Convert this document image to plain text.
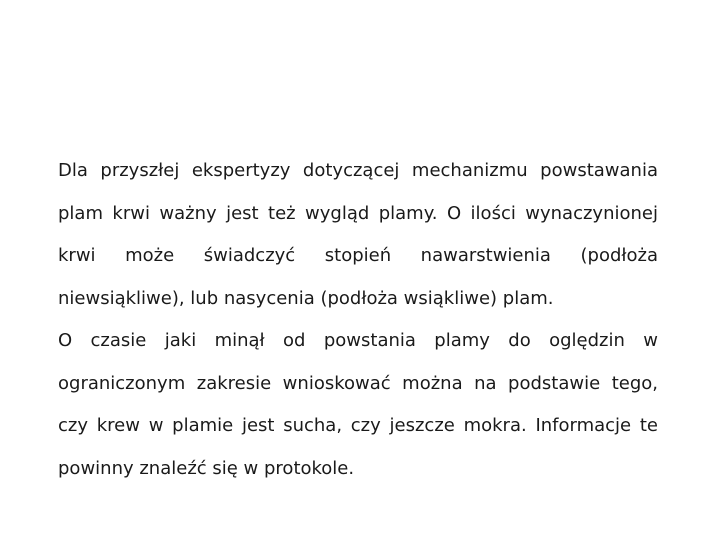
Dla przyszłej ekspertyzy dotyczącej mechanizmu powstawania plam krwi ważny jest też wygląd plamy. O ilości wynaczynionej krwi może świadczyć stopień nawarstwienia (podłoża niewsiąkliwe), lub nasycenia (podłoża wsiąkliwe) plam.

O czasie jaki minął od powstania plamy do oględzin w ograniczonym zakresie wnioskować można na podstawie tego, czy krew w plamie jest sucha, czy jeszcze mokra. Informacje te powinny znaleźć się w protokole.
